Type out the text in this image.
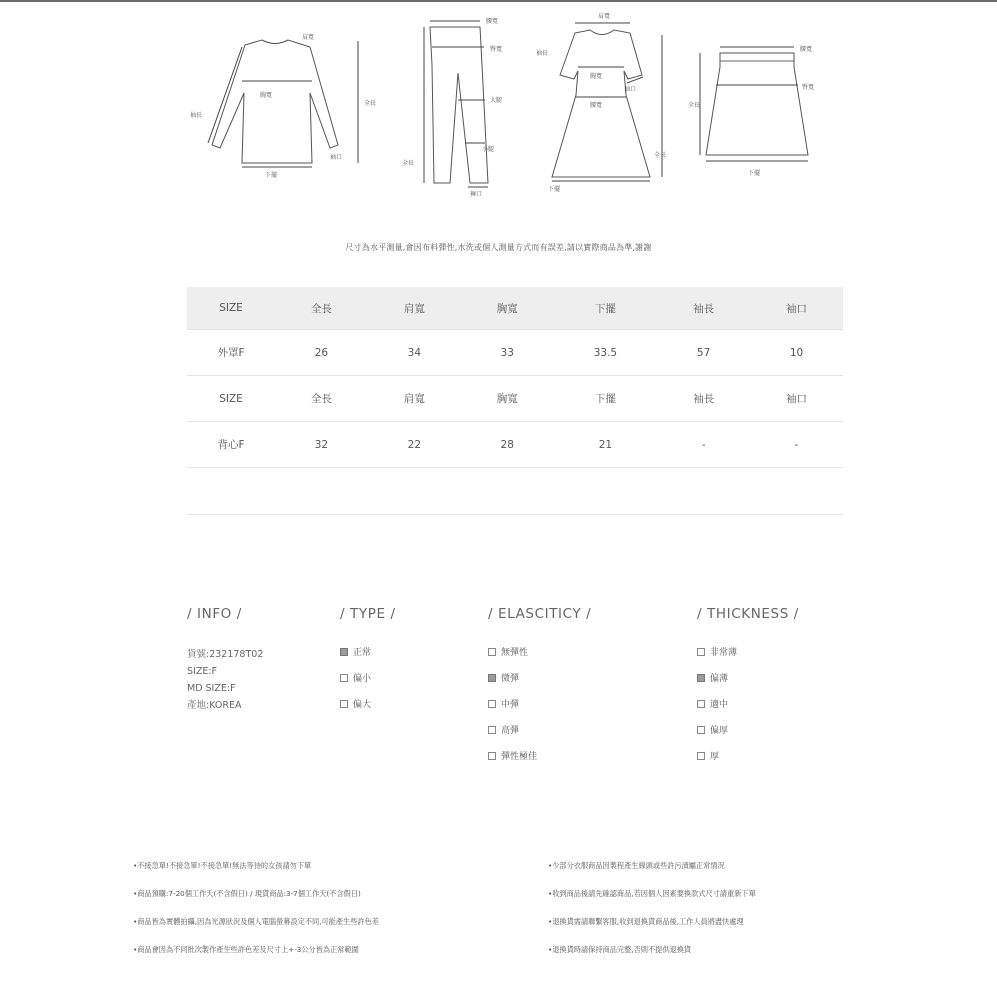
肩寬
胸寬
袖長
全長
袖口
下擺
腰寬
臀寬
大腿
小腿
全長
褲口
肩寬
袖長
胸寬
袖口
腰寬
全長
下擺
腰寬
臀寬
全長
下擺
尺寸為水平測量,會因布料彈性,水洗或個人測量方式而有誤差,請以實際商品為準,謝謝
SIZE	全長	肩寬	胸寬	下擺	袖長	袖口
外罩F	26	34	33	33.5	57	10
SIZE	全長	肩寬	胸寬	下擺	袖長	袖口
背心F	32	22	28	21	-	-

/ INFO /
貨號:232178T02
SIZE:F
MD SIZE:F
產地:KOREA
/ TYPE /
正常
偏小
偏大
/ ELASCITICY /
無彈性
微彈
中彈
高彈
彈性極佳
/ THICKNESS /
非常薄
偏薄
適中
偏厚
厚
•不接急單!不接急單!不接急單!無法等待的女孩請勿下單
•商品預購:7-20個工作天(不含假日) / 現貨商品:3-7個工作天(不含假日)
•商品皆為實體拍攝,因為光源狀況及個人電腦螢幕設定不同,可能產生些許色差
•商品會因為不同批次製作產生些許色差及尺寸上+-3公分皆為正常範圍
•少部分衣服商品因製程產生線頭或些許污漬屬正常情況
•收到商品後請先確認商品,若因個人因素要換款式尺寸請重新下單
•退換貨需請聯繫客服,收到退換貨商品後,工作人員將盡快處理
•退換貨時請保持商品完整,否則不提供退換貨
